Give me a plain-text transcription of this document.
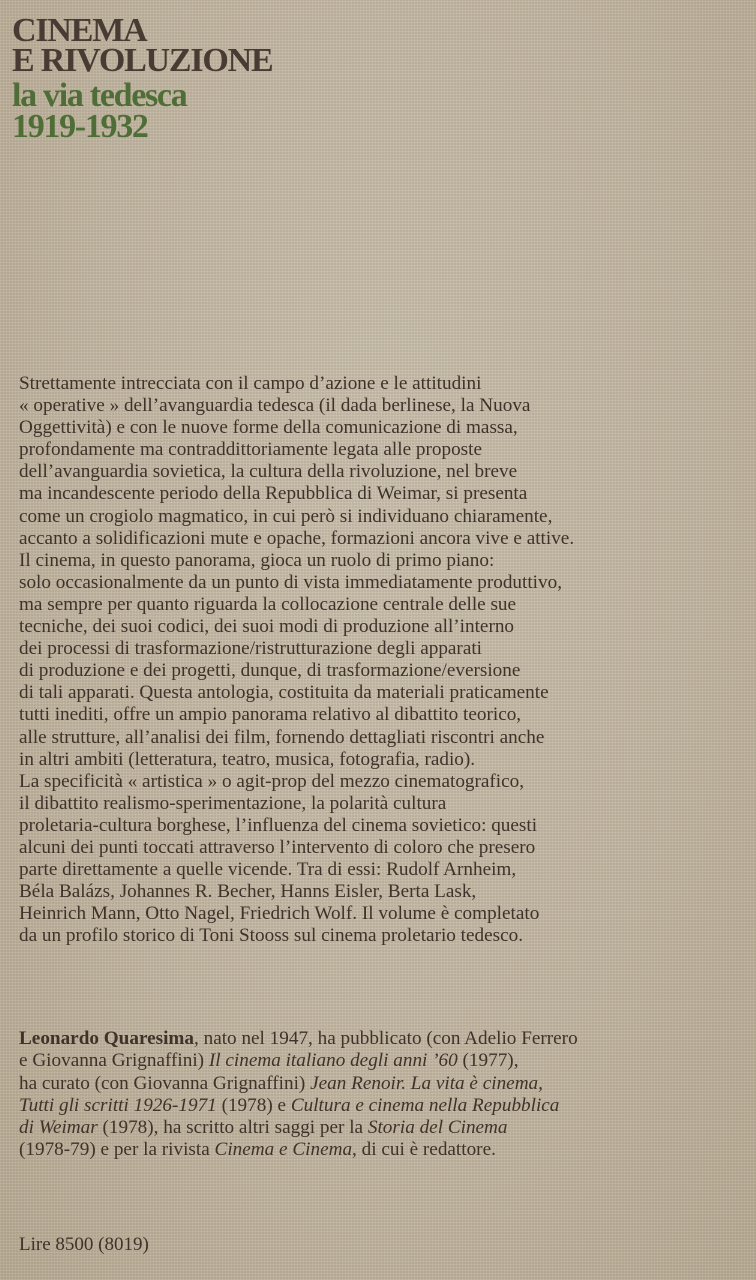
CINEMA
E RIVOLUZIONE
la via tedesca
1919-1932
Strettamente intrecciata con il campo d’azione e le attitudini
« operative » dell’avanguardia tedesca (il dada berlinese, la Nuova
Oggettività) e con le nuove forme della comunicazione di massa,
profondamente ma contraddittoriamente legata alle proposte
dell’avanguardia sovietica, la cultura della rivoluzione, nel breve
ma incandescente periodo della Repubblica di Weimar, si presenta
come un crogiolo magmatico, in cui però si individuano chiaramente,
accanto a solidificazioni mute e opache, formazioni ancora vive e attive.
Il cinema, in questo panorama, gioca un ruolo di primo piano:
solo occasionalmente da un punto di vista immediatamente produttivo,
ma sempre per quanto riguarda la collocazione centrale delle sue
tecniche, dei suoi codici, dei suoi modi di produzione all’interno
dei processi di trasformazione/ristrutturazione degli apparati
di produzione e dei progetti, dunque, di trasformazione/eversione
di tali apparati. Questa antologia, costituita da materiali praticamente
tutti inediti, offre un ampio panorama relativo al dibattito teorico,
alle strutture, all’analisi dei film, fornendo dettagliati riscontri anche
in altri ambiti (letteratura, teatro, musica, fotografia, radio).
La specificità « artistica » o agit-prop del mezzo cinematografico,
il dibattito realismo-sperimentazione, la polarità cultura
proletaria-cultura borghese, l’influenza del cinema sovietico: questi
alcuni dei punti toccati attraverso l’intervento di coloro che presero
parte direttamente a quelle vicende. Tra di essi: Rudolf Arnheim,
Béla Balázs, Johannes R. Becher, Hanns Eisler, Berta Lask,
Heinrich Mann, Otto Nagel, Friedrich Wolf. Il volume è completato
da un profilo storico di Toni Stooss sul cinema proletario tedesco.
Leonardo Quaresima, nato nel 1947, ha pubblicato (con Adelio Ferrero
e Giovanna Grignaffini) Il cinema italiano degli anni ’60 (1977),
ha curato (con Giovanna Grignaffini) Jean Renoir. La vita è cinema,
Tutti gli scritti 1926-1971 (1978) e Cultura e cinema nella Repubblica
di Weimar (1978), ha scritto altri saggi per la Storia del Cinema
(1978-79) e per la rivista Cinema e Cinema, di cui è redattore.
Lire 8500 (8019)
